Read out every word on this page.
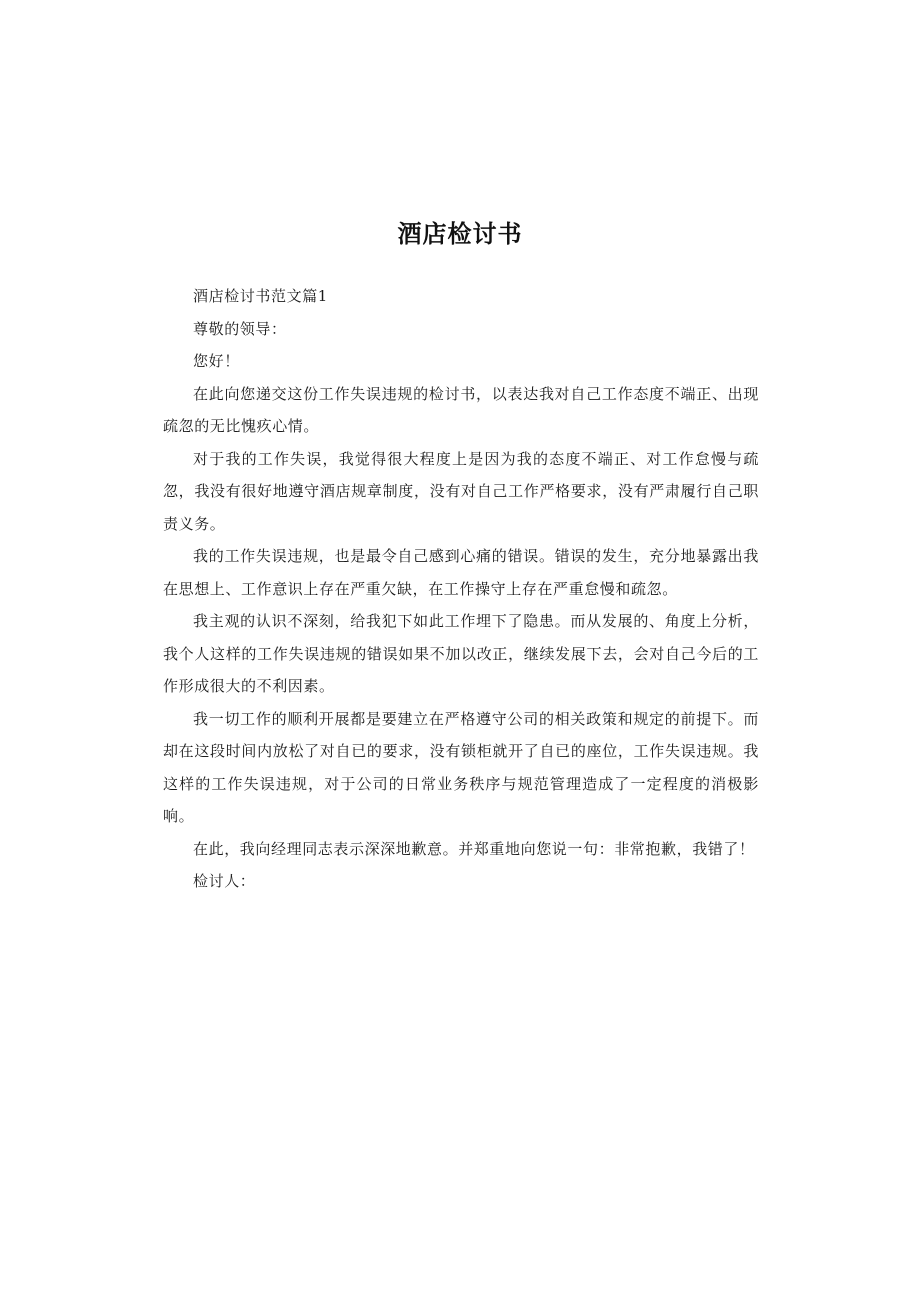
酒店检讨书

酒店检讨书范文篇1

尊敬的领导：

您好！

在此向您递交这份工作失误违规的检讨书，以表达我对自己工作态度不端正、出现疏忽的无比愧疚心情。

对于我的工作失误，我觉得很大程度上是因为我的态度不端正、对工作怠慢与疏忽，我没有很好地遵守酒店规章制度，没有对自己工作严格要求，没有严肃履行自己职责义务。

我的工作失误违规，也是最令自己感到心痛的错误。错误的发生，充分地暴露出我在思想上、工作意识上存在严重欠缺，在工作操守上存在严重怠慢和疏忽。

我主观的认识不深刻，给我犯下如此工作埋下了隐患。而从发展的、角度上分析，我个人这样的工作失误违规的错误如果不加以改正，继续发展下去，会对自己今后的工作形成很大的不利因素。

我一切工作的顺利开展都是要建立在严格遵守公司的相关政策和规定的前提下。而却在这段时间内放松了对自已的要求，没有锁柜就开了自已的座位，工作失误违规。我这样的工作失误违规，对于公司的日常业务秩序与规范管理造成了一定程度的消极影响。

在此，我向经理同志表示深深地歉意。并郑重地向您说一句：非常抱歉，我错了！

检讨人：
